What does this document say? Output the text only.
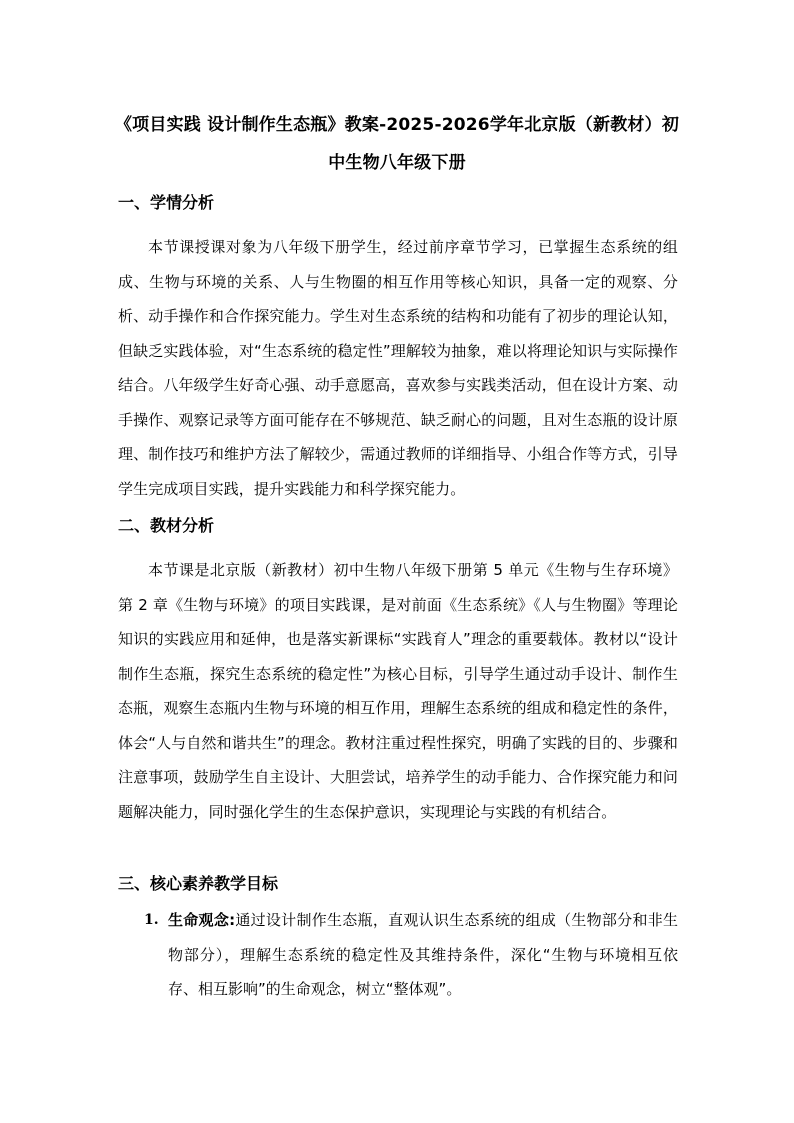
《项目实践 设计制作生态瓶》教案-2025-2026学年北京版（新教材）初中生物八年级下册
一、学情分析
本节课授课对象为八年级下册学生，经过前序章节学习，已掌握生态系统的组成、生物与环境的关系、人与生物圈的相互作用等核心知识，具备一定的观察、分析、动手操作和合作探究能力。学生对生态系统的结构和功能有了初步的理论认知，但缺乏实践体验，对“生态系统的稳定性”理解较为抽象，难以将理论知识与实际操作结合。八年级学生好奇心强、动手意愿高，喜欢参与实践类活动，但在设计方案、动手操作、观察记录等方面可能存在不够规范、缺乏耐心的问题，且对生态瓶的设计原理、制作技巧和维护方法了解较少，需通过教师的详细指导、小组合作等方式，引导学生完成项目实践，提升实践能力和科学探究能力。
二、教材分析
本节课是北京版（新教材）初中生物八年级下册第 5 单元《生物与生存环境》第 2 章《生物与环境》的项目实践课，是对前面《生态系统》《人与生物圈》等理论知识的实践应用和延伸，也是落实新课标“实践育人”理念的重要载体。教材以“设计制作生态瓶，探究生态系统的稳定性”为核心目标，引导学生通过动手设计、制作生态瓶，观察生态瓶内生物与环境的相互作用，理解生态系统的组成和稳定性的条件，体会“人与自然和谐共生”的理念。教材注重过程性探究，明确了实践的目的、步骤和注意事项，鼓励学生自主设计、大胆尝试，培养学生的动手能力、合作探究能力和问题解决能力，同时强化学生的生态保护意识，实现理论与实践的有机结合。
三、核心素养教学目标
1. 生命观念:通过设计制作生态瓶，直观认识生态系统的组成（生物部分和非生物部分），理解生态系统的稳定性及其维持条件，深化“生物与环境相互依存、相互影响”的生命观念，树立“整体观”。
